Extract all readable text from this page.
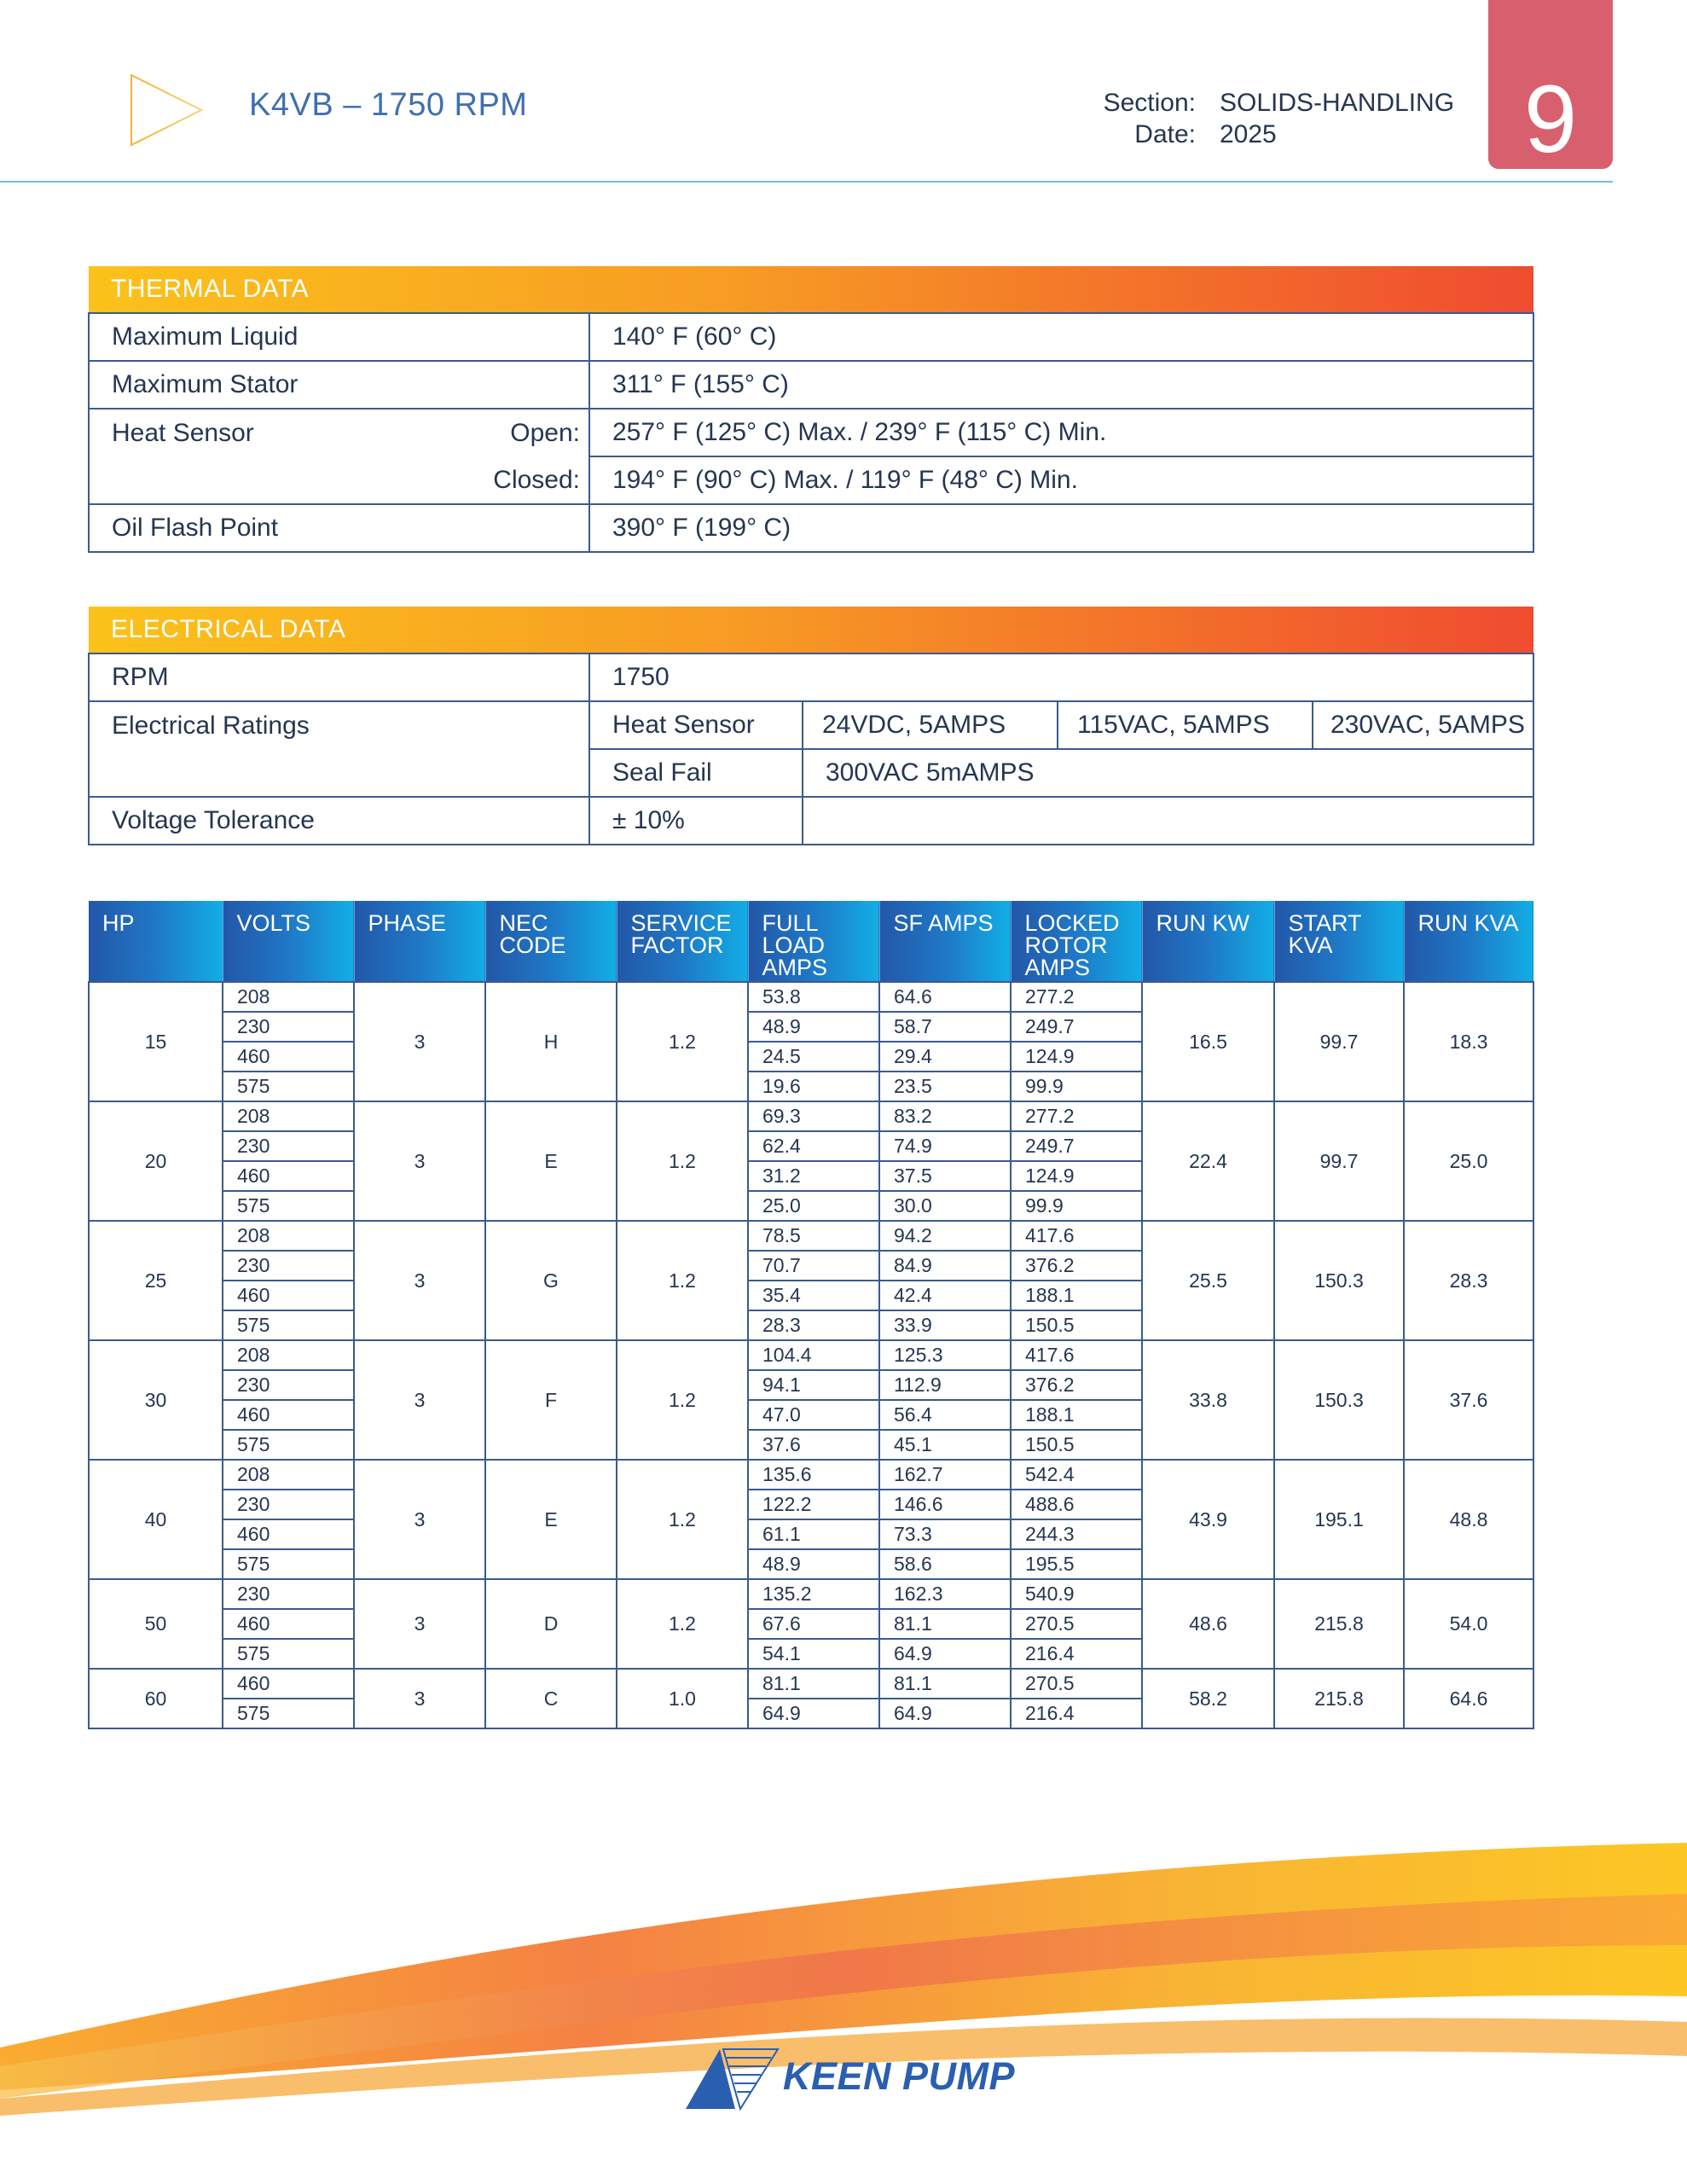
K4VB – 1750 RPM	Section:
Date:
SOLIDS-HANDLING
2025	9
THERMAL DATA	
Maximum Liquid	140° F (60° C)
Maximum Stator	311° F (155° C)
Heat Sensor Open:	257° F (125° C) Max. / 239° F (115° C) Min.
Closed:	194° F (90° C) Max. / 119° F (48° C) Min.
Oil Flash Point	390° F (199° C)
ELECTRICAL DATA				
RPM	1750			
Electrical Ratings	Heat Sensor	24VDC, 5AMPS	115VAC, 5AMPS	230VAC, 5AMPS
	Seal Fail	300VAC 5mAMPS		
Voltage Tolerance	± 10%			
HP	VOLTS	PHASE	NEC CODE	SERVICE FACTOR	FULL LOAD AMPS	SF AMPS	LOCKED ROTOR AMPS	RUN KW	START KVA	RUN KVA
15	208	3	H	1.2	53.8	64.6	277.2	16.5	99.7	18.3
	230				48.9	58.7	249.7			
	460				24.5	29.4	124.9			
	575				19.6	23.5	99.9			
20	208	3	E	1.2	69.3	83.2	277.2	22.4	99.7	25.0
	230				62.4	74.9	249.7			
	460				31.2	37.5	124.9			
	575				25.0	30.0	99.9			
25	208	3	G	1.2	78.5	94.2	417.6	25.5	150.3	28.3
	230				70.7	84.9	376.2			
	460				35.4	42.4	188.1			
	575				28.3	33.9	150.5			
30	208	3	F	1.2	104.4	125.3	417.6	33.8	150.3	37.6
	230				94.1	112.9	376.2			
	460				47.0	56.4	188.1			
	575				37.6	45.1	150.5			
40	208	3	E	1.2	135.6	162.7	542.4	43.9	195.1	48.8
	230				122.2	146.6	488.6			
	460				61.1	73.3	244.3			
	575				48.9	58.6	195.5			
50	230	3	D	1.2	135.2	162.3	540.9	48.6	215.8	54.0
	460				67.6	81.1	270.5			
	575				54.1	64.9	216.4			
60	460	3	C	1.0	81.1	81.1	270.5	58.2	215.8	64.6
	575				64.9	64.9	216.4			
KEEN PUMP
